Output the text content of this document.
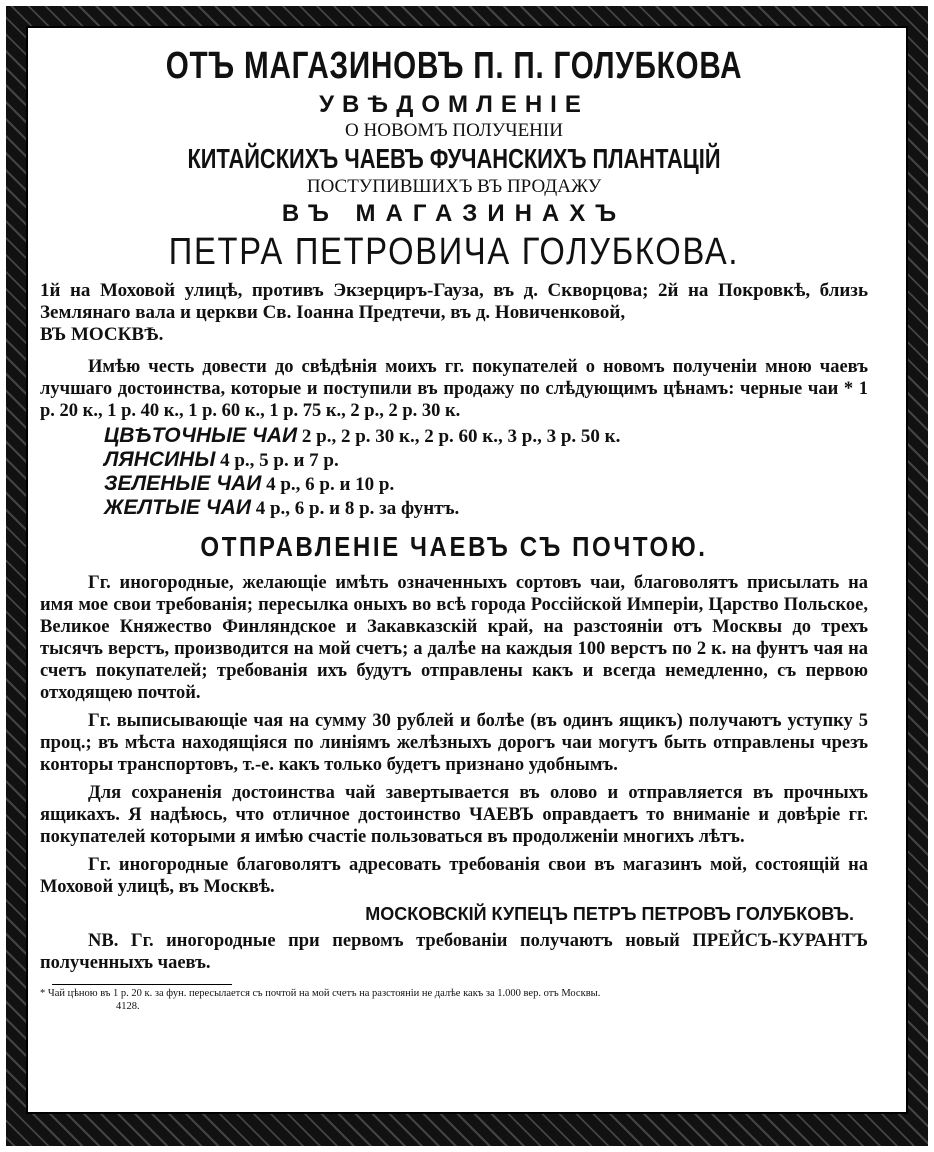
ОТЪ МАГАЗИНОВЪ П. П. ГОЛУБКОВА
УВѢДОМЛЕНІЕ
О НОВОМЪ ПОЛУЧЕНІИ
КИТАЙСКИХЪ ЧАЕВЪ ФУЧАНСКИХЪ ПЛАНТАЦІЙ
ПОСТУПИВШИХЪ ВЪ ПРОДАЖУ
ВЪ МАГАЗИНАХЪ
ПЕТРА ПЕТРОВИЧА ГОЛУБКОВА.
1й на Моховой улицѣ, противъ Экзерциръ-Гауза, въ д. Скворцова; 2й на Покровкѣ, близь Землянаго вала и церкви Св. Іоанна Предтечи, въ д. Новиченковой,
ВЪ МОСКВѢ.
Имѣю честь довести до свѣдѣнія моихъ гг. покупателей о новомъ полученіи мною чаевъ лучшаго достоинства, которые и поступили въ продажу по слѣдующимъ цѣнамъ: черные чаи * 1 р. 20 к., 1 р. 40 к., 1 р. 60 к., 1 р. 75 к., 2 р., 2 р. 30 к.
ЦВѢТОЧНЫЕ ЧАИ 2 р., 2 р. 30 к., 2 р. 60 к., 3 р., 3 р. 50 к.
ЛЯНСИНЫ 4 р., 5 р. и 7 р.
ЗЕЛЕНЫЕ ЧАИ 4 р., 6 р. и 10 р.
ЖЕЛТЫЕ ЧАИ 4 р., 6 р. и 8 р. за фунтъ.
ОТПРАВЛЕНІЕ ЧАЕВЪ СЪ ПОЧТОЮ.
Гг. иногородные, желающіе имѣть означенныхъ сортовъ чаи, благоволятъ присылать на имя мое свои требованія; пересылка оныхъ во всѣ города Россійской Имперіи, Царство Польское, Великое Княжество Финляндское и Закавказскій край, на разстояніи отъ Москвы до трехъ тысячъ верстъ, производится на мой счетъ; а далѣе на каждыя 100 верстъ по 2 к. на фунтъ чая на счетъ покупателей; требованія ихъ будутъ отправлены какъ и всегда немедленно, съ первою отходящею почтой.
Гг. выписывающіе чая на сумму 30 рублей и болѣе (въ одинъ ящикъ) получаютъ уступку 5 проц.; въ мѣста находящіяся по линіямъ желѣзныхъ дорогъ чаи могутъ быть отправлены чрезъ конторы транспортовъ, т.-е. какъ только будетъ признано удобнымъ.
Для сохраненія достоинства чай завертывается въ олово и отправляется въ прочныхъ ящикахъ. Я надѣюсь, что отличное достоинство ЧАЕВЪ оправдаетъ то вниманіе и довѣріе гг. покупателей которыми я имѣю счастіе пользоваться въ продолженіи многихъ лѣтъ.
Гг. иногородные благоволятъ адресовать требованія свои въ магазинъ мой, состоящій на Моховой улицѣ, въ Москвѣ.
МОСКОВСКІЙ КУПЕЦЪ ПЕТРЪ ПЕТРОВЪ ГОЛУБКОВЪ.
NB. Гг. иногородные при первомъ требованіи получаютъ новый ПРЕЙСЪ-КУРАНТЪ полученныхъ чаевъ.
* Чай цѣною въ 1 р. 20 к. за фун. пересылается съ почтой на мой счетъ на разстояніи не далѣе какъ за 1.000 вер. отъ Москвы.
4128.
